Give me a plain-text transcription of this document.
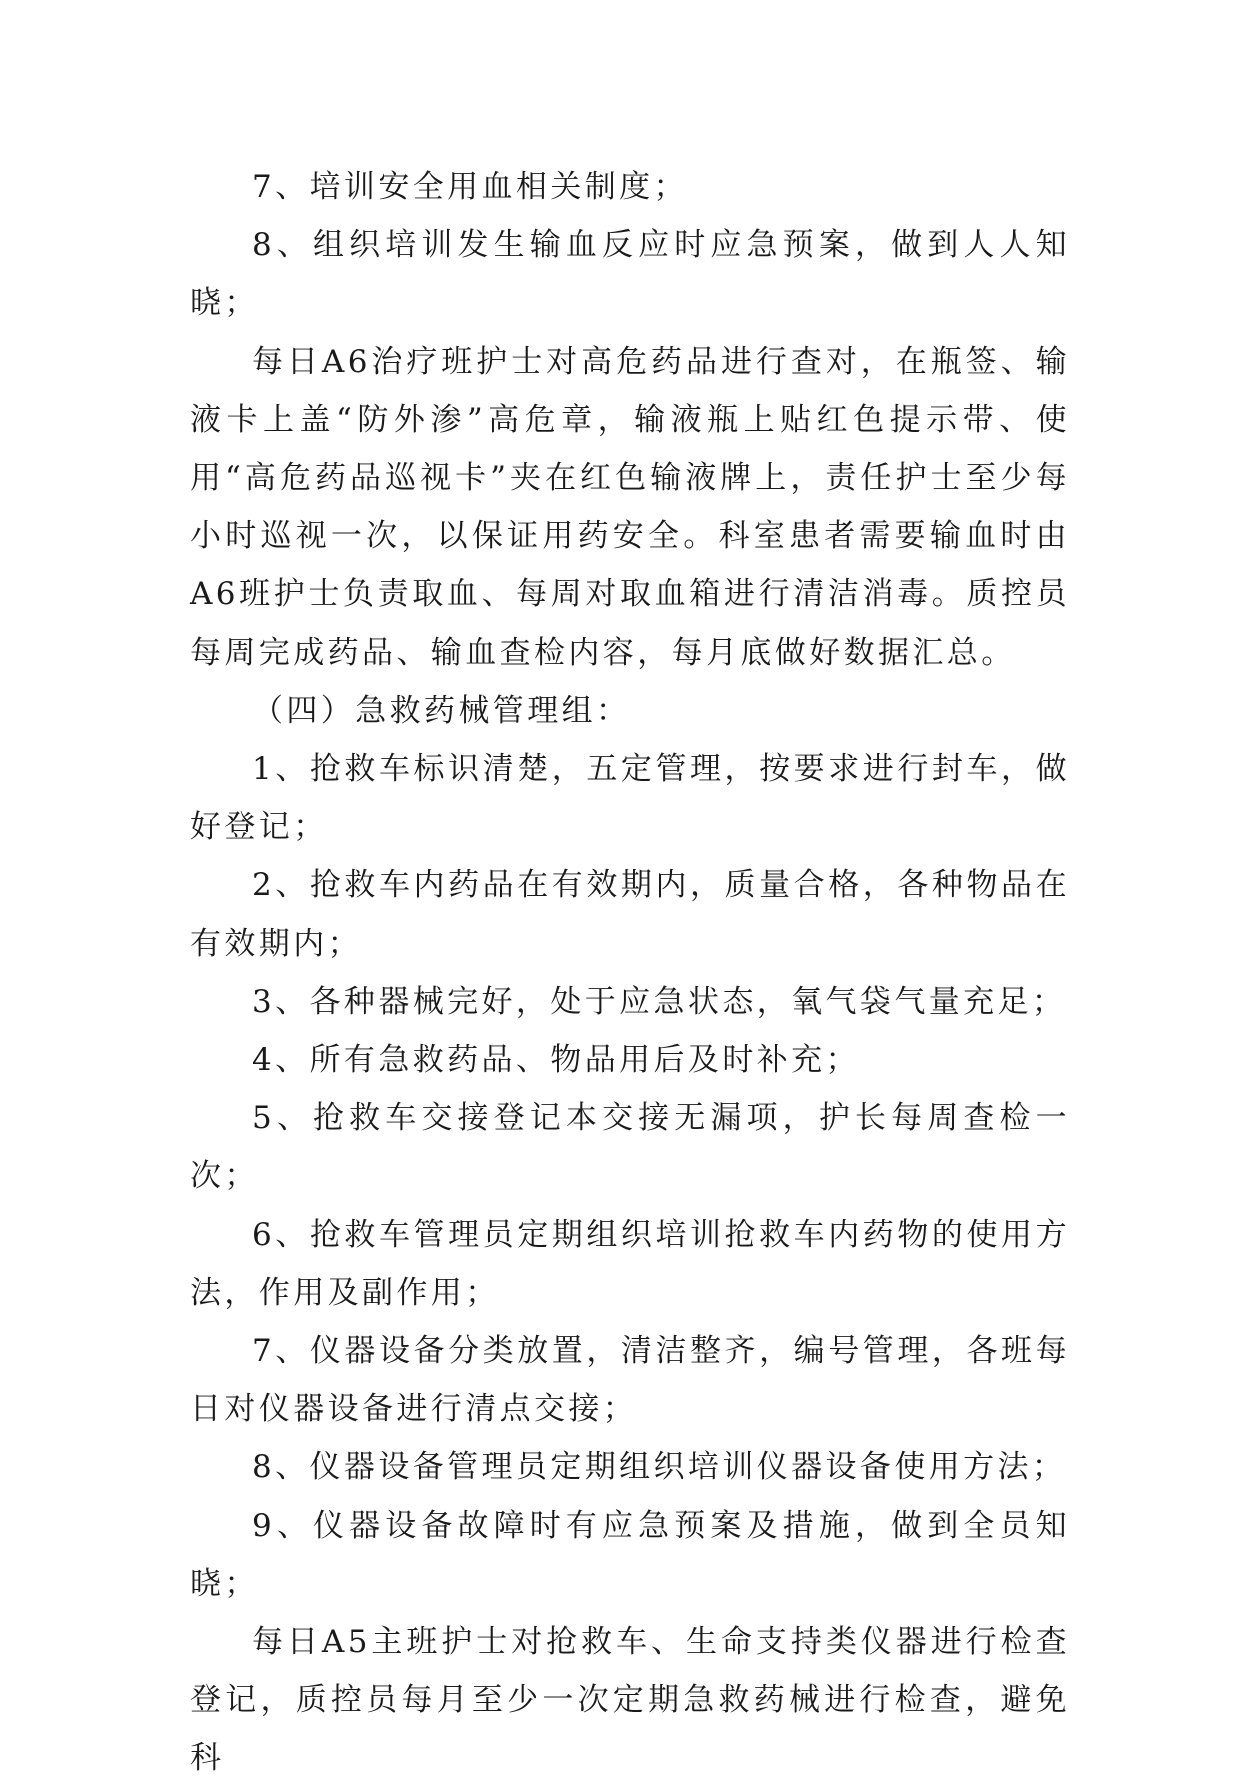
7、培训安全用血相关制度；

8、组织培训发生输血反应时应急预案，做到人人知晓；

每日A6治疗班护士对高危药品进行查对，在瓶签、输液卡上盖“防外渗”高危章，输液瓶上贴红色提示带、使用“高危药品巡视卡”夹在红色输液牌上，责任护士至少每小时巡视一次，以保证用药安全。科室患者需要输血时由A6班护士负责取血、每周对取血箱进行清洁消毒。质控员每周完成药品、输血查检内容，每月底做好数据汇总。

（四）急救药械管理组：

1、抢救车标识清楚，五定管理，按要求进行封车，做好登记；

2、抢救车内药品在有效期内，质量合格，各种物品在有效期内；

3、各种器械完好，处于应急状态，氧气袋气量充足；

4、所有急救药品、物品用后及时补充；

5、抢救车交接登记本交接无漏项，护长每周查检一次；

6、抢救车管理员定期组织培训抢救车内药物的使用方法，作用及副作用；

7、仪器设备分类放置，清洁整齐，编号管理，各班每日对仪器设备进行清点交接；

8、仪器设备管理员定期组织培训仪器设备使用方法；

9、仪器设备故障时有应急预案及措施，做到全员知晓；

每日A5主班护士对抢救车、生命支持类仪器进行检查登记，质控员每月至少一次定期急救药械进行检查，避免科
